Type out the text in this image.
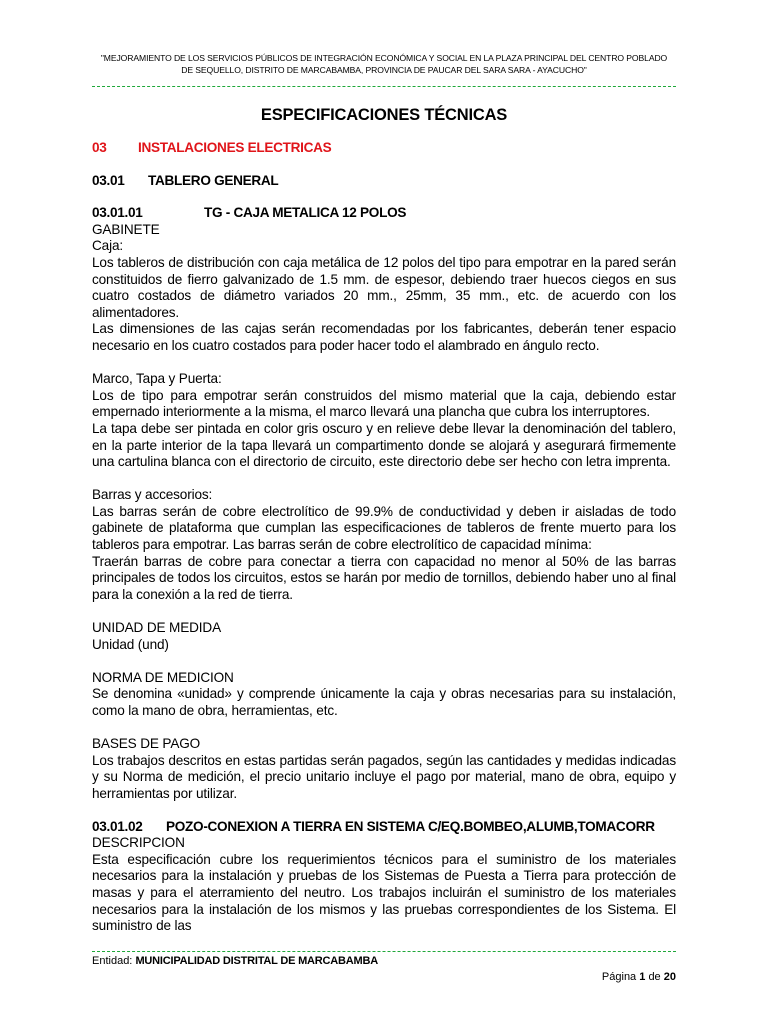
"MEJORAMIENTO DE LOS SERVICIOS PÚBLICOS DE INTEGRACIÓN ECONÓMICA Y SOCIAL EN LA PLAZA PRINCIPAL DEL CENTRO POBLADO
DE SEQUELLO, DISTRITO DE MARCABAMBA, PROVINCIA DE PAUCAR DEL SARA SARA - AYACUCHO"
ESPECIFICACIONES TÉCNICAS
03	INSTALACIONES ELECTRICAS
03.01	TABLERO GENERAL
03.01.01	TG - CAJA METALICA 12 POLOS

GABINETE

Caja:

Los tableros de distribución con caja metálica de 12 polos del tipo para empotrar en la pared serán constituidos de fierro galvanizado de 1.5 mm. de espesor, debiendo traer huecos ciegos en sus cuatro costados de diámetro variados 20 mm., 25mm, 35 mm., etc. de acuerdo con los alimentadores.

Las dimensiones de las cajas serán recomendadas por los fabricantes, deberán tener espacio necesario en los cuatro costados para poder hacer todo el alambrado en ángulo recto.

Marco, Tapa y Puerta:

Los de tipo para empotrar serán construidos del mismo material que la caja, debiendo estar empernado interiormente a la misma, el marco llevará una plancha que cubra los interruptores.

La tapa debe ser pintada en color gris oscuro y en relieve debe llevar la denominación del tablero, en la parte interior de la tapa llevará un compartimento donde se alojará y asegurará firmemente una cartulina blanca con el directorio de circuito, este directorio debe ser hecho con letra imprenta.

Barras y accesorios:

Las barras serán de cobre electrolítico de 99.9% de conductividad y deben ir aisladas de todo gabinete de plataforma que cumplan las especificaciones de tableros de frente muerto para los tableros para empotrar. Las barras serán de cobre electrolítico de capacidad mínima:

Traerán barras de cobre para conectar a tierra con capacidad no menor al 50% de las barras principales de todos los circuitos, estos se harán por medio de tornillos, debiendo haber uno al final para la conexión a la red de tierra.

UNIDAD DE MEDIDA

Unidad (und)

NORMA DE MEDICION

Se denomina «unidad» y comprende únicamente la caja y obras necesarias para su instalación, como la mano de obra, herramientas, etc.

BASES DE PAGO

Los trabajos descritos en estas partidas serán pagados, según las cantidades y medidas indicadas y su Norma de medición, el precio unitario incluye el pago por material, mano de obra, equipo y herramientas por utilizar.

03.01.02	POZO-CONEXION A TIERRA EN SISTEMA C/EQ.BOMBEO,ALUMB,TOMACORR

DESCRIPCION

Esta especificación cubre los requerimientos técnicos para el suministro de los materiales necesarios para la instalación y pruebas de los Sistemas de Puesta a Tierra para protección de masas y para el aterramiento del neutro. Los trabajos incluirán el suministro de los materiales necesarios para la instalación de los mismos y las pruebas correspondientes de los Sistema. El suministro de las

Entidad: MUNICIPALIDAD DISTRITAL DE MARCABAMBA
Página 1 de 20
